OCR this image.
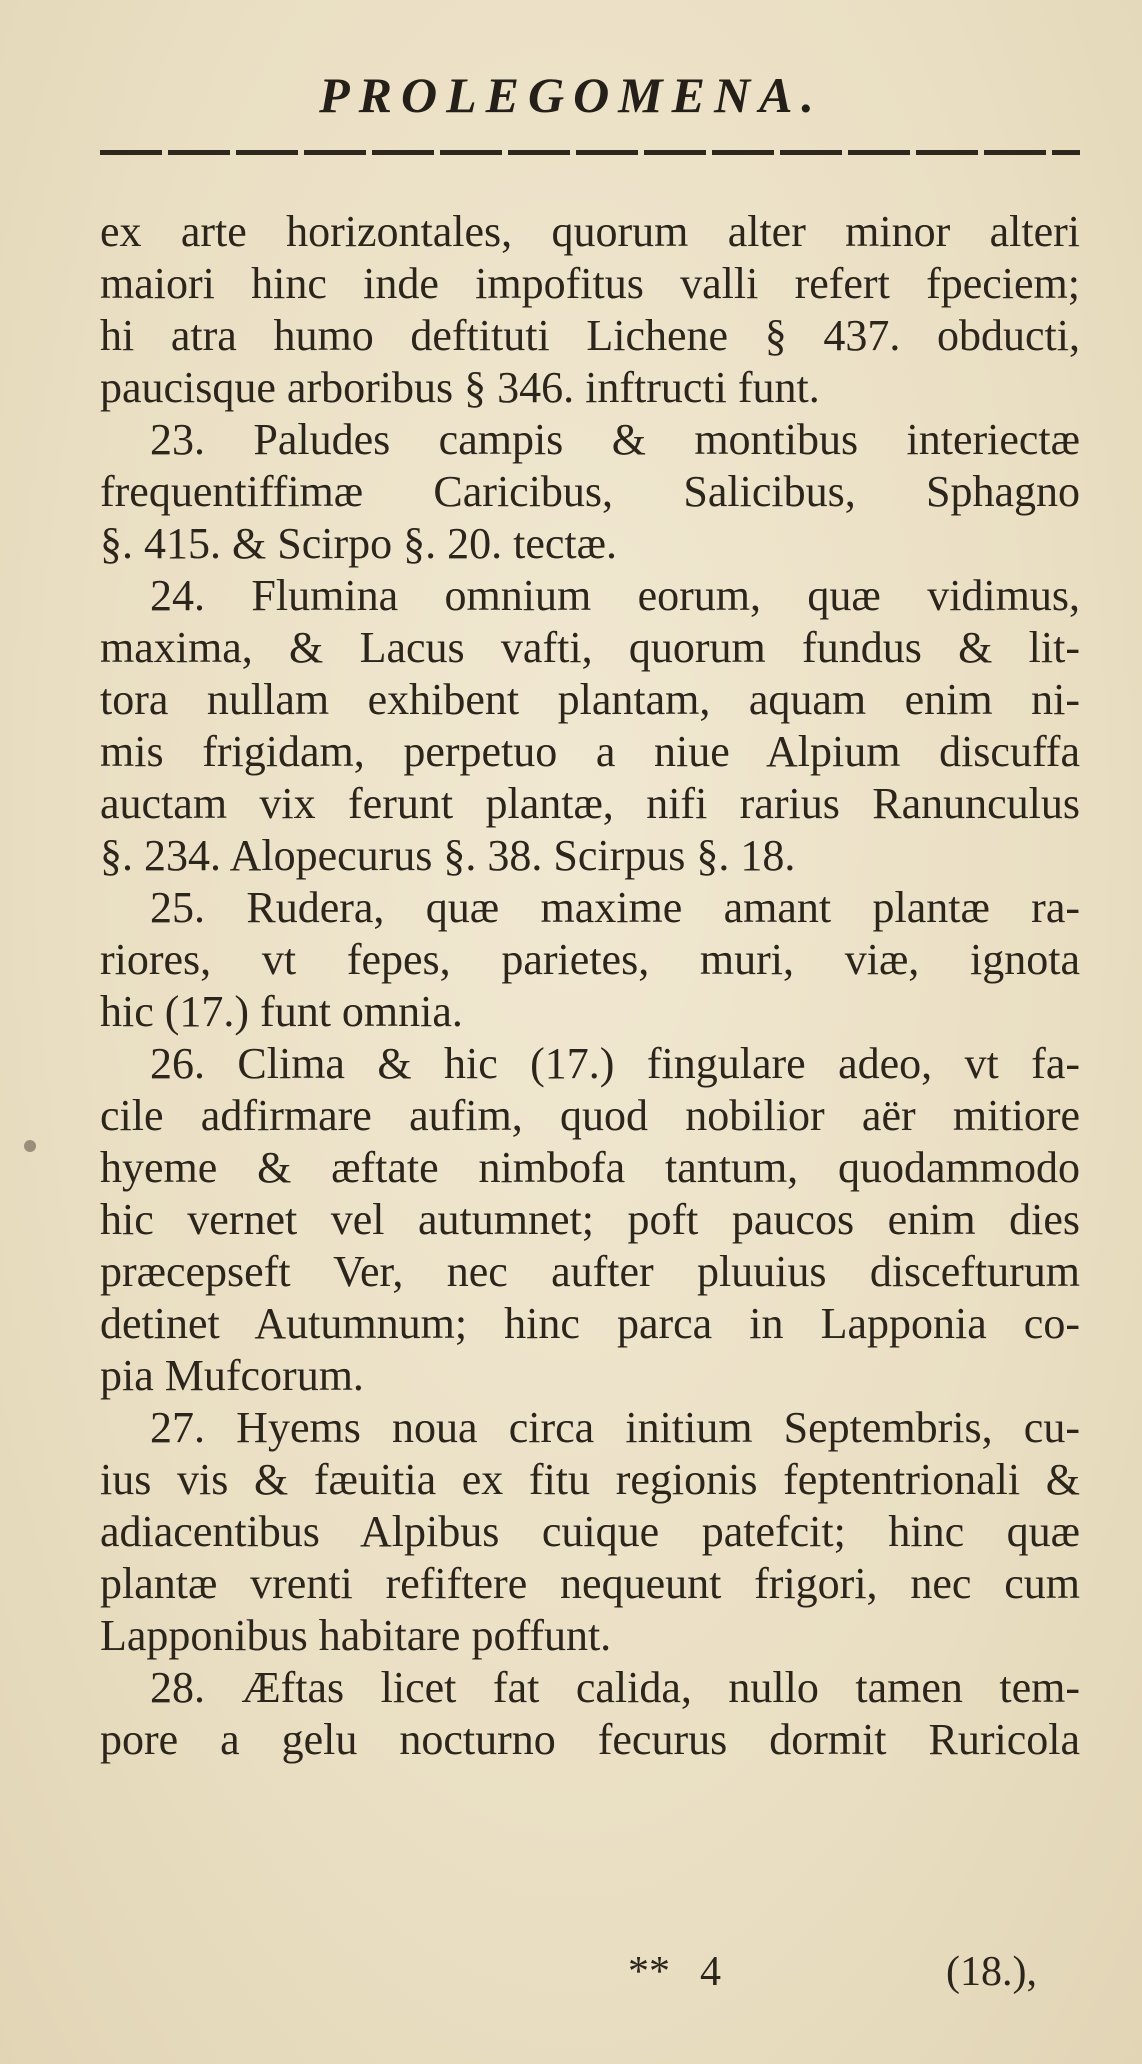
PROLEGOMENA.
ex arte horizontales, quorum alter minor alteri
maiori hinc inde impofitus valli refert fpeciem;
hi atra humo deftituti Lichene § 437. obducti,
paucisque arboribus § 346. inftructi funt.
23. Paludes campis & montibus interiectæ
frequentiffimæ Caricibus, Salicibus, Sphagno
§. 415. & Scirpo §. 20. tectæ.
24. Flumina omnium eorum, quæ vidimus,
maxima, & Lacus vafti, quorum fundus & lit-
tora nullam exhibent plantam, aquam enim ni-
mis frigidam, perpetuo a niue Alpium discuffa
auctam vix ferunt plantæ, nifi rarius Ranunculus
§. 234. Alopecurus §. 38. Scirpus §. 18.
25. Rudera, quæ maxime amant plantæ ra-
riores, vt fepes, parietes, muri, viæ, ignota
hic (17.) funt omnia.
26. Clima & hic (17.) fingulare adeo, vt fa-
cile adfirmare aufim, quod nobilior aër mitiore
hyeme & æftate nimbofa tantum, quodammodo
hic vernet vel autumnet; poft paucos enim dies
præcepseft Ver, nec aufter pluuius discefturum
detinet Autumnum; hinc parca in Lapponia co-
pia Mufcorum.
27. Hyems noua circa initium Septembris, cu-
ius vis & fæuitia ex fitu regionis feptentrionali &
adiacentibus Alpibus cuique patefcit; hinc quæ
plantæ vrenti refiftere nequeunt frigori, nec cum
Lapponibus habitare poffunt.
28. Æftas licet fat calida, nullo tamen tem-
pore a gelu nocturno fecurus dormit Ruricola
** 4	(18.),
